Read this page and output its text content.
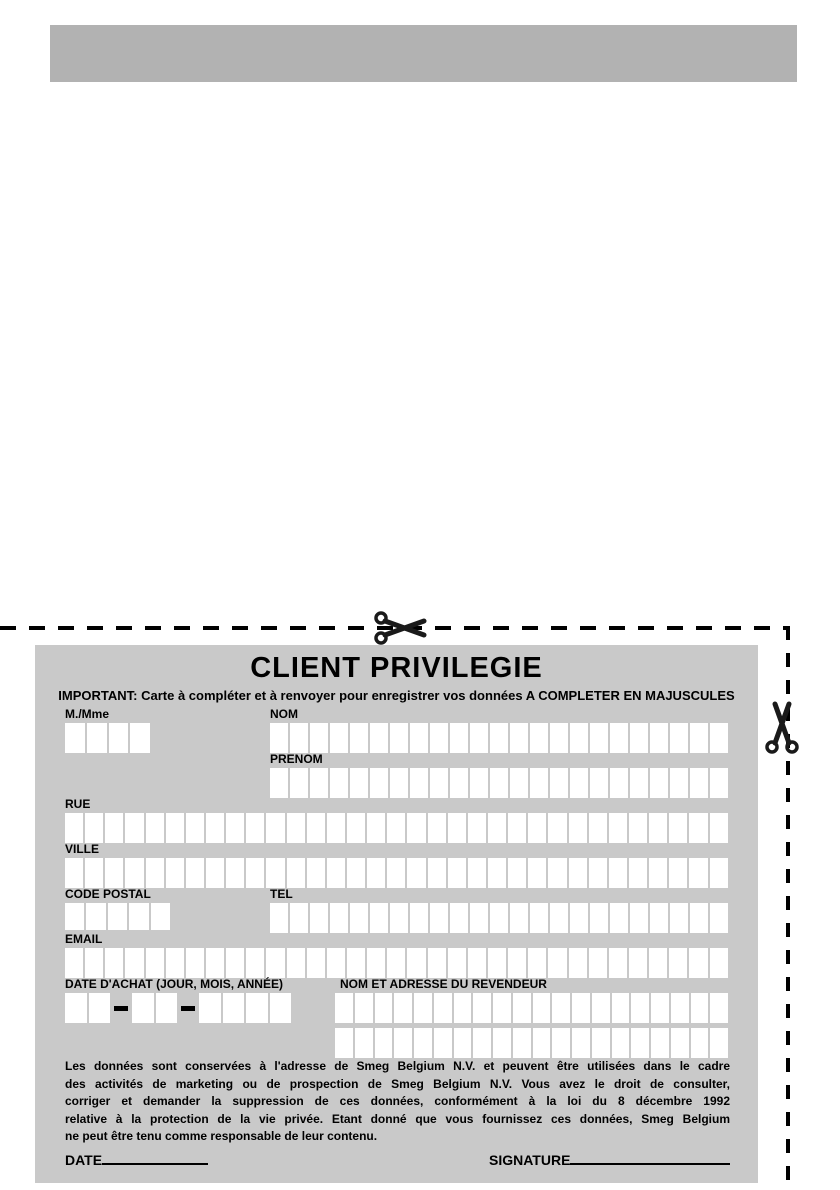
CLIENT PRIVILEGIE
IMPORTANT: Carte à compléter et à renvoyer pour enregistrer vos données A COMPLETER EN MAJUSCULES
M./Mme	NOM
PRENOM
RUE
VILLE
CODE POSTAL	TEL
EMAIL
DATE D'ACHAT (JOUR, MOIS, ANNÉE)	NOM ET ADRESSE DU REVENDEUR
Les données sont conservées à l'adresse de Smeg Belgium N.V. et peuvent être utilisées dans le cadre
des activités de marketing ou de prospection de Smeg Belgium N.V. Vous avez le droit de consulter,
corriger et demander la suppression de ces données, conformément à la loi du 8 décembre 1992
relative à la protection de la vie privée. Etant donné que vous fournissez ces données, Smeg Belgium
ne peut être tenu comme responsable de leur contenu.
DATE	SIGNATURE
